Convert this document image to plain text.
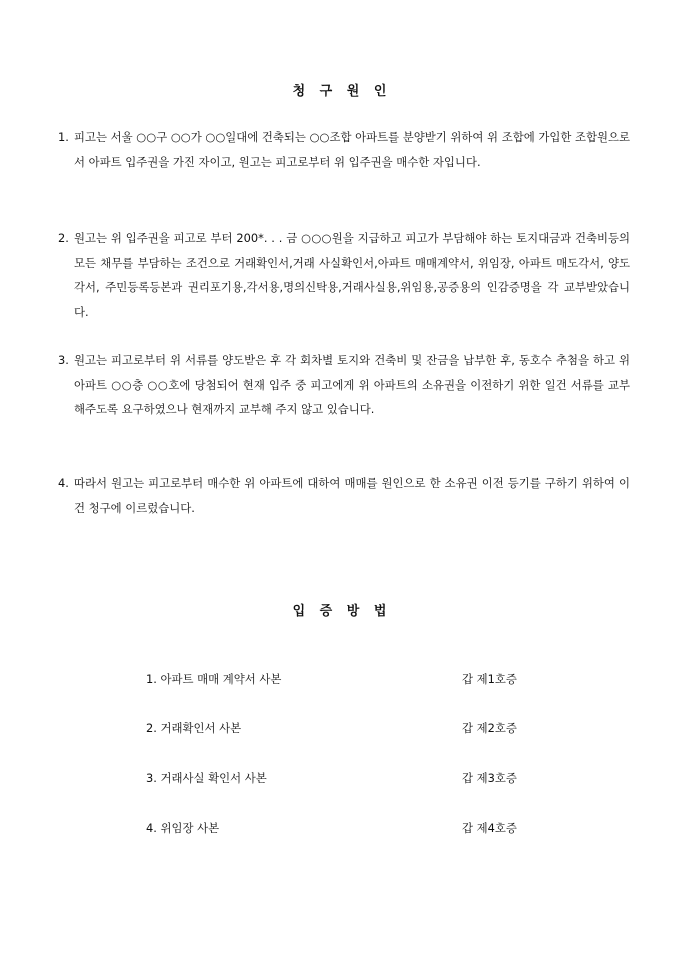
청 구 원 인
1. 피고는 서울 ○○구 ○○가 ○○일대에 건축되는 ○○조합 아파트를 분양받기 위하여 위 조합에 가입한 조합원으로서 아파트 입주권을 가진 자이고, 원고는 피고로부터 위 입주권을 매수한 자입니다.
2. 원고는 위 입주권을 피고로 부터 200*. . . 금 ○○○원을 지급하고 피고가 부담해야 하는 토지대금과 건축비등의 모든 채무를 부담하는 조건으로 거래확인서,거래 사실확인서,아파트 매매계약서, 위임장, 아파트 매도각서, 양도각서, 주민등록등본과 권리포기용,각서용,명의신탁용,거래사실용,위임용,공증용의 인감증명을 각 교부받았습니다.
3. 원고는 피고로부터 위 서류를 양도받은 후 각 회차별 토지와 건축비 및 잔금을 납부한 후, 동호수 추첨을 하고 위 아파트 ○○층 ○○호에 당첨되어 현재 입주 중 피고에게 위 아파트의 소유권을 이전하기 위한 일건 서류를 교부해주도록 요구하였으나 현재까지 교부해 주지 않고 있습니다.
4. 따라서 원고는 피고로부터 매수한 위 아파트에 대하여 매매를 원인으로 한 소유권 이전 등기를 구하기 위하여 이건 청구에 이르렀습니다.
입 증 방 법
1. 아파트 매매 계약서 사본	갑 제1호증
2. 거래확인서 사본	갑 제2호증
3. 거래사실 확인서 사본	갑 제3호증
4. 위임장 사본	갑 제4호증
